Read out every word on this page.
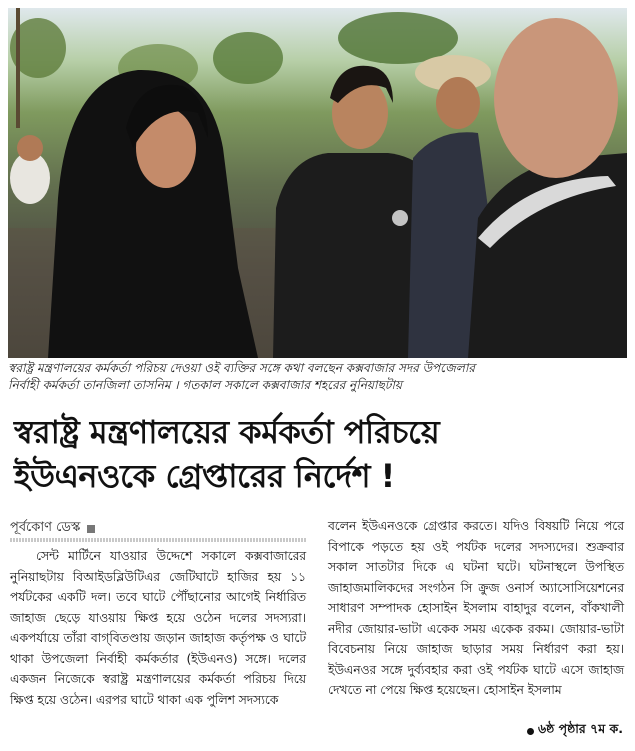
স্বরাষ্ট্র মন্ত্রণালয়ের কর্মকর্তা পরিচয় দেওয়া ওই ব্যক্তির সঙ্গে কথা বলছেন কক্সবাজার সদর উপজেলার
নির্বাহী কর্মকর্তা তানজিলা তাসনিম । গতকাল সকালে কক্সবাজার শহরের নুনিয়াছটায়
স্বরাষ্ট্র মন্ত্রণালয়ের কর্মকর্তা পরিচয়ে
ইউএনওকে গ্রেপ্তারের নির্দেশ !
পূর্বকোণ ডেস্ক
সেন্ট মার্টিনে যাওয়ার উদ্দেশে সকালে কক্সবাজারের নুনিয়াছটায় বিআইডব্লিউটিএর জেটিঘাটে হাজির হয় ১১ পর্যটকের একটি দল। তবে ঘাটে পৌঁছানোর আগেই নির্ধারিত জাহাজ ছেড়ে যাওয়ায় ক্ষিপ্ত হয়ে ওঠেন দলের সদস্যরা। একপর্যায়ে তাঁরা বাগ্‌বিতণ্ডায় জড়ান জাহাজ কর্তৃপক্ষ ও ঘাটে থাকা উপজেলা নির্বাহী কর্মকর্তার (ইউএনও) সঙ্গে। দলের একজন নিজেকে স্বরাষ্ট্র মন্ত্রণালয়ের কর্মকর্তা পরিচয় দিয়ে ক্ষিপ্ত হয়ে ওঠেন। এরপর ঘাটে থাকা এক পুলিশ সদস্যকে
বলেন ইউএনওকে গ্রেপ্তার করতে। যদিও বিষয়টি নিয়ে পরে বিপাকে পড়তে হয় ওই পর্যটক দলের সদস্যদের। শুক্রবার সকাল সাতটার দিকে এ ঘটনা ঘটে। ঘটনাস্থলে উপস্থিত জাহাজমালিকদের সংগঠন সি ক্রুজ ওনার্স অ্যাসোসিয়েশনের সাধারণ সম্পাদক হোসাইন ইসলাম বাহাদুর বলেন, বাঁকখালী নদীর জোয়ার-ভাটা একেক সময় একেক রকম। জোয়ার-ভাটা বিবেচনায় নিয়ে জাহাজ ছাড়ার সময় নির্ধারণ করা হয়। ইউএনওর সঙ্গে দুর্ব্যবহার করা ওই পর্যটক ঘাটে এসে জাহাজ দেখতে না পেয়ে ক্ষিপ্ত হয়েছেন। হোসাইন ইসলাম
৬ষ্ঠ পৃষ্ঠার ৭ম ক.
